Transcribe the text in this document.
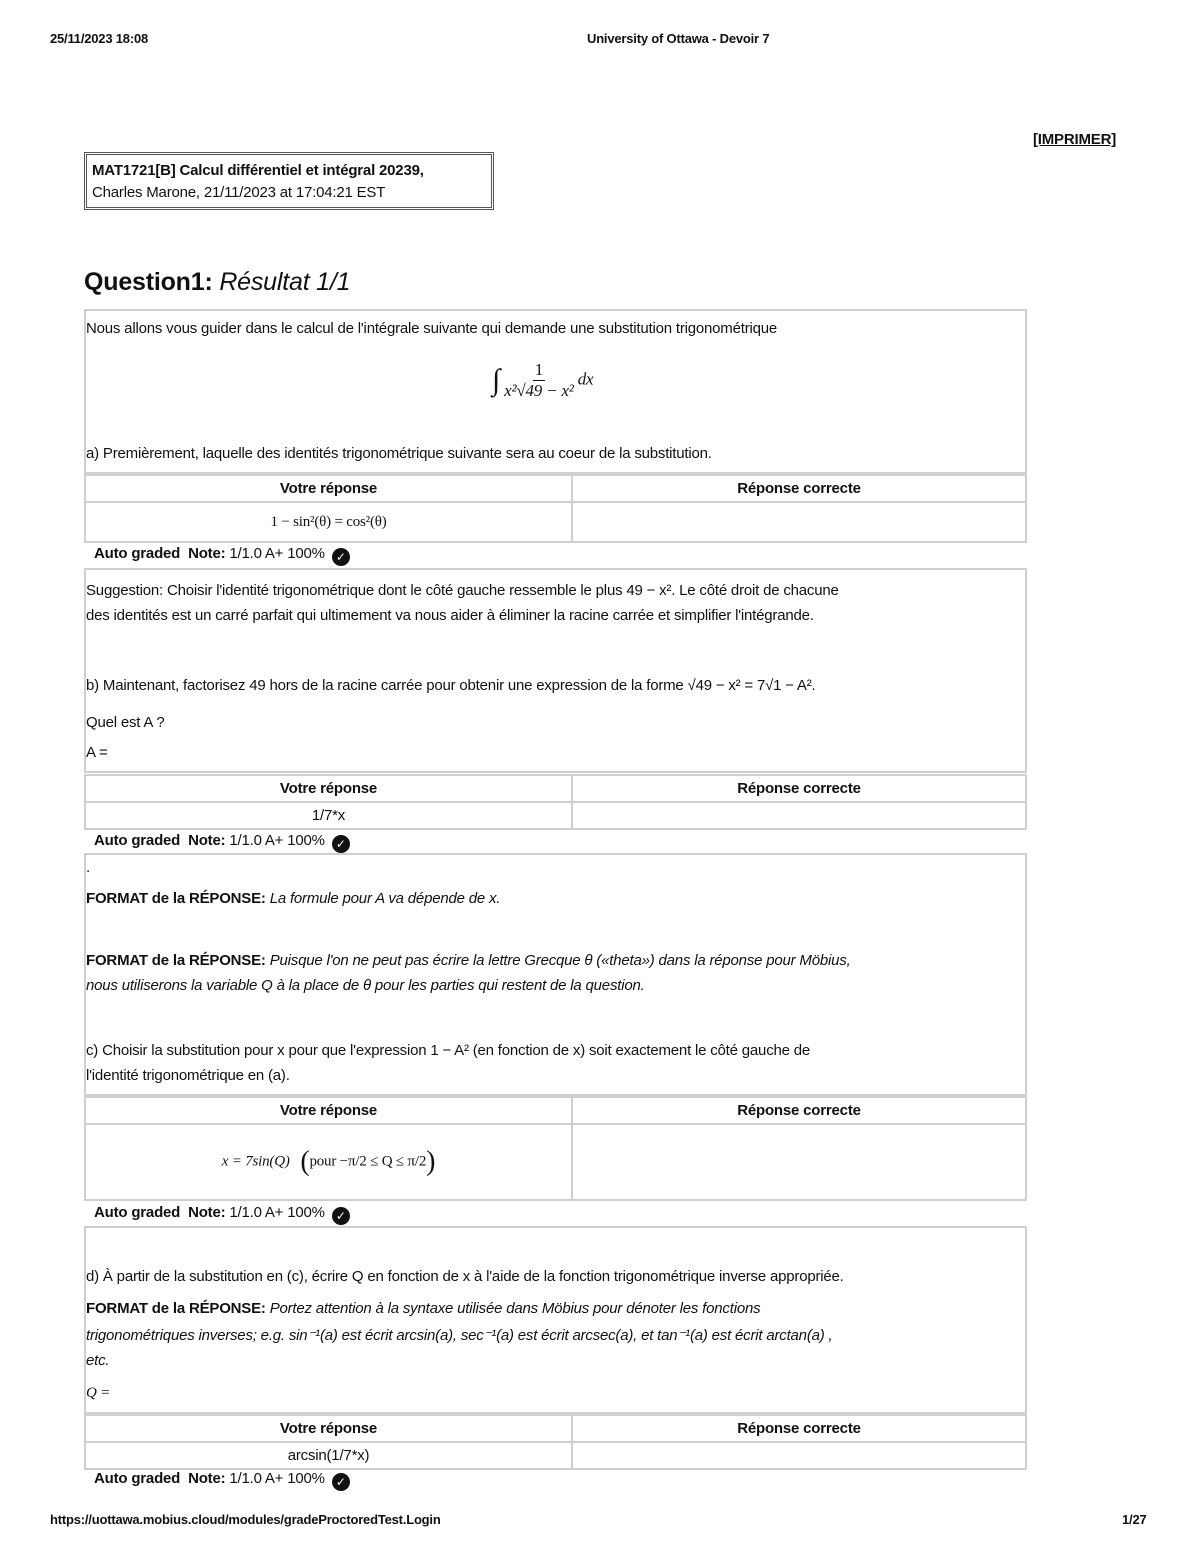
25/11/2023 18:08	University of Ottawa - Devoir 7
[IMPRIMER]
MAT1721[B] Calcul différentiel et intégral 20239,
Charles Marone, 21/11/2023 at 17:04:21 EST
Question1: Résultat 1/1
Nous allons vous guider dans le calcul de l'intégrale suivante qui demande une substitution trigonométrique
∫ $\frac{1}{\text{x²√49 − x²}}$ dx
a) Premièrement, laquelle des identités trigonométrique suivante sera au coeur de la substitution.
Votre réponse	Réponse correcte
1 − sin²(θ) = cos²(θ)	
Auto graded Note: 1/1.0 A+ 100% ✓
Suggestion: Choisir l'identité trigonométrique dont le côté gauche ressemble le plus 49 − x². Le côté droit de chacune
des identités est un carré parfait qui ultimement va nous aider à éliminer la racine carrée et simplifier l'intégrande.
b) Maintenant, factorisez 49 hors de la racine carrée pour obtenir une expression de la forme √49 − x² = 7√1 − A².
Quel est A ?
A =
Votre réponse	Réponse correcte
1/7*x	
Auto graded Note: 1/1.0 A+ 100% ✓
.
FORMAT de la RÉPONSE: La formule pour A va dépende de x.
FORMAT de la RÉPONSE: Puisque l'on ne peut pas écrire la lettre Grecque θ («theta») dans la réponse pour Möbius,
nous utiliserons la variable Q à la place de θ pour les parties qui restent de la question.
c) Choisir la substitution pour x pour que l'expression 1 − A² (en fonction de x) soit exactement le côté gauche de
l'identité trigonométrique en (a).
Votre réponse	Réponse correcte
x = 7sin(Q) (pour −π/2 ≤ Q ≤ π/2)	
Auto graded Note: 1/1.0 A+ 100% ✓
d) À partir de la substitution en (c), écrire Q en fonction de x à l'aide de la fonction trigonométrique inverse appropriée.
FORMAT de la RÉPONSE: Portez attention à la syntaxe utilisée dans Möbius pour dénoter les fonctions
trigonométriques inverses; e.g. sin⁻¹(a) est écrit arcsin(a), sec⁻¹(a) est écrit arcsec(a), et tan⁻¹(a) est écrit arctan(a) ,
etc.
Q =
Votre réponse	Réponse correcte
arcsin(1/7*x)	
Auto graded Note: 1/1.0 A+ 100% ✓
https://uottawa.mobius.cloud/modules/gradeProctoredTest.Login	1/27
